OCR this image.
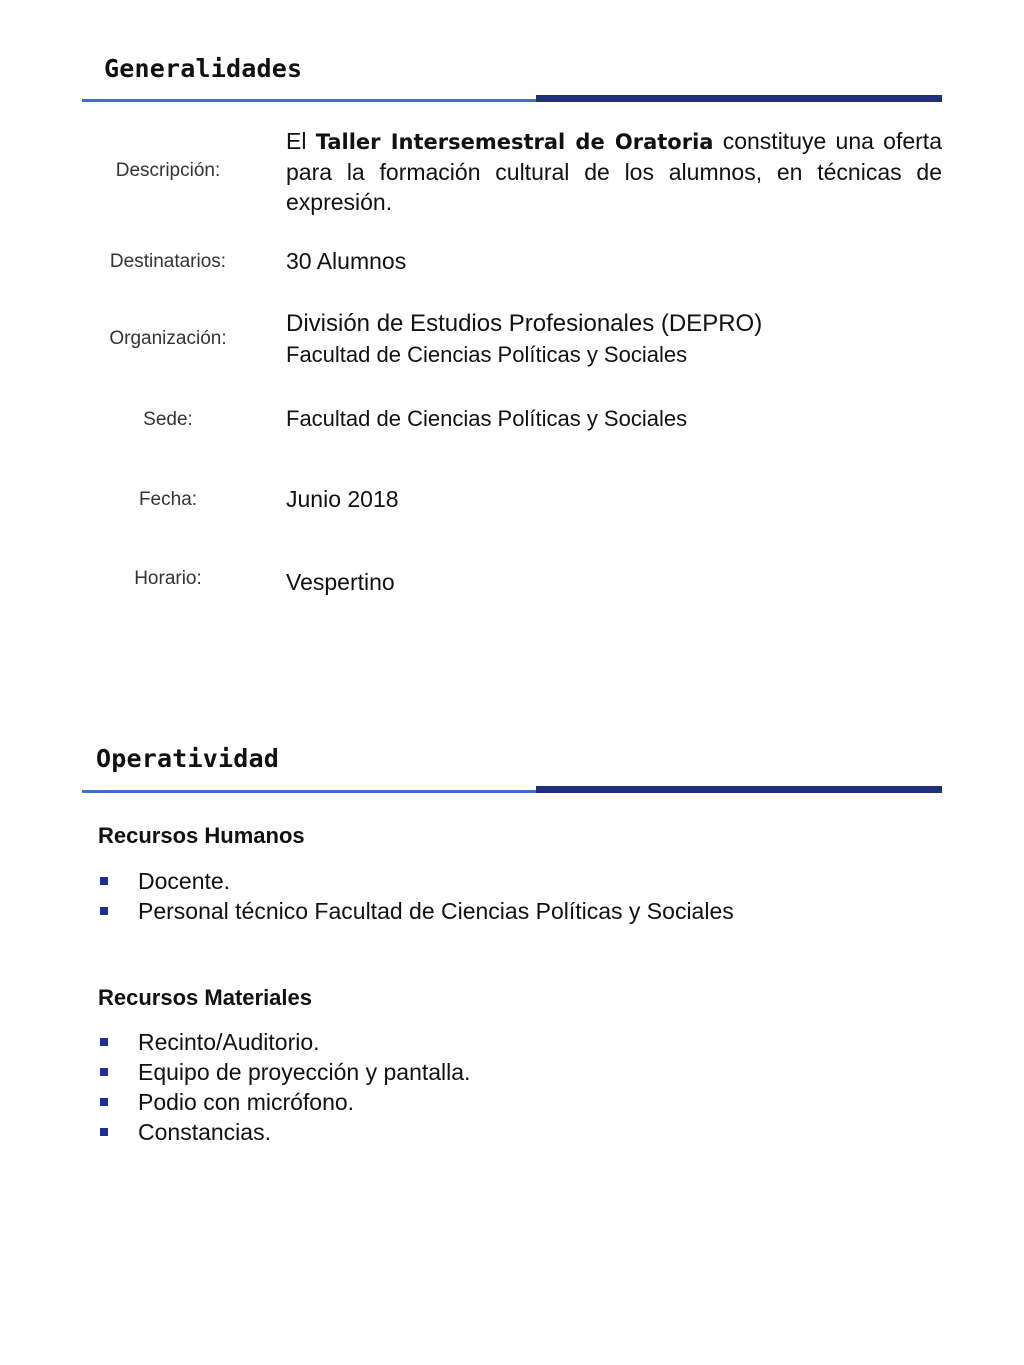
Generalidades
Descripción:

El Taller Intersemestral de Oratoria constituye una oferta para la formación cultural de los alumnos, en técnicas de expresión.

Destinatarios:	30 Alumnos
Organización:
División de Estudios Profesionales (DEPRO)
Facultad de Ciencias Políticas y Sociales
Sede:	Facultad de Ciencias Políticas y Sociales
Fecha:	Junio 2018
Horario:	Vespertino
Operatividad
Recursos Humanos
Docente.
Personal técnico Facultad de Ciencias Políticas y Sociales
Recursos Materiales
Recinto/Auditorio.
Equipo de proyección y pantalla.
Podio con micrófono.
Constancias.
